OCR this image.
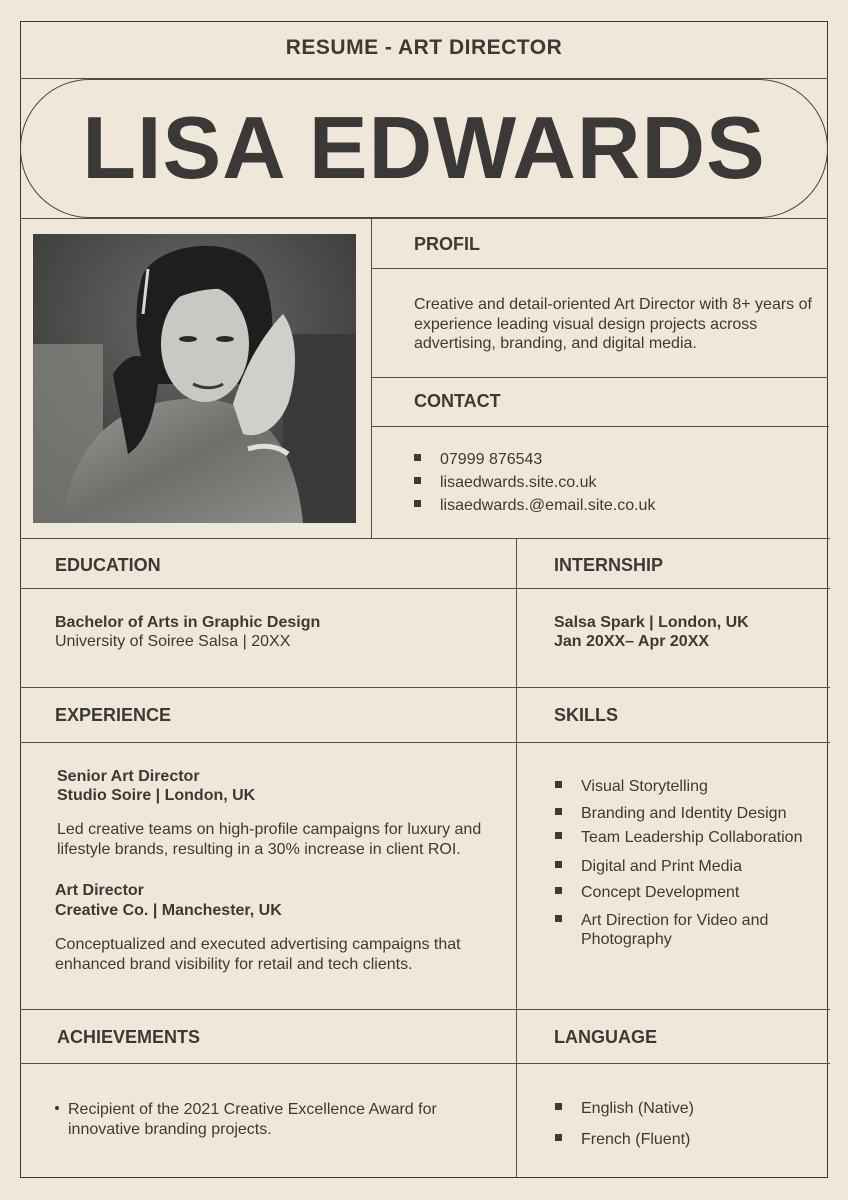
RESUME - ART DIRECTOR
LISA EDWARDS
PROFIL
Creative and detail-oriented Art Director with 8+ years of experience leading visual design projects across advertising, branding, and digital media.
CONTACT
07999 876543
lisaedwards.site.co.uk
lisaedwards.@email.site.co.uk
EDUCATION
Bachelor of Arts in Graphic Design
University of Soiree Salsa | 20XX
INTERNSHIP
Salsa Spark | London, UK
Jan 20XX– Apr 20XX
EXPERIENCE
Senior Art Director
Studio Soire | London, UK
Led creative teams on high-profile campaigns for luxury and lifestyle brands, resulting in a 30% increase in client ROI.
Art Director
Creative Co. | Manchester, UK
Conceptualized and executed advertising campaigns that enhanced brand visibility for retail and tech clients.
SKILLS
Visual Storytelling
Branding and Identity Design
Team Leadership Collaboration
Digital and Print Media
Concept Development
Art Direction for Video and Photography
ACHIEVEMENTS
Recipient of the 2021 Creative Excellence Award for innovative branding projects.
LANGUAGE
English (Native)
French (Fluent)
